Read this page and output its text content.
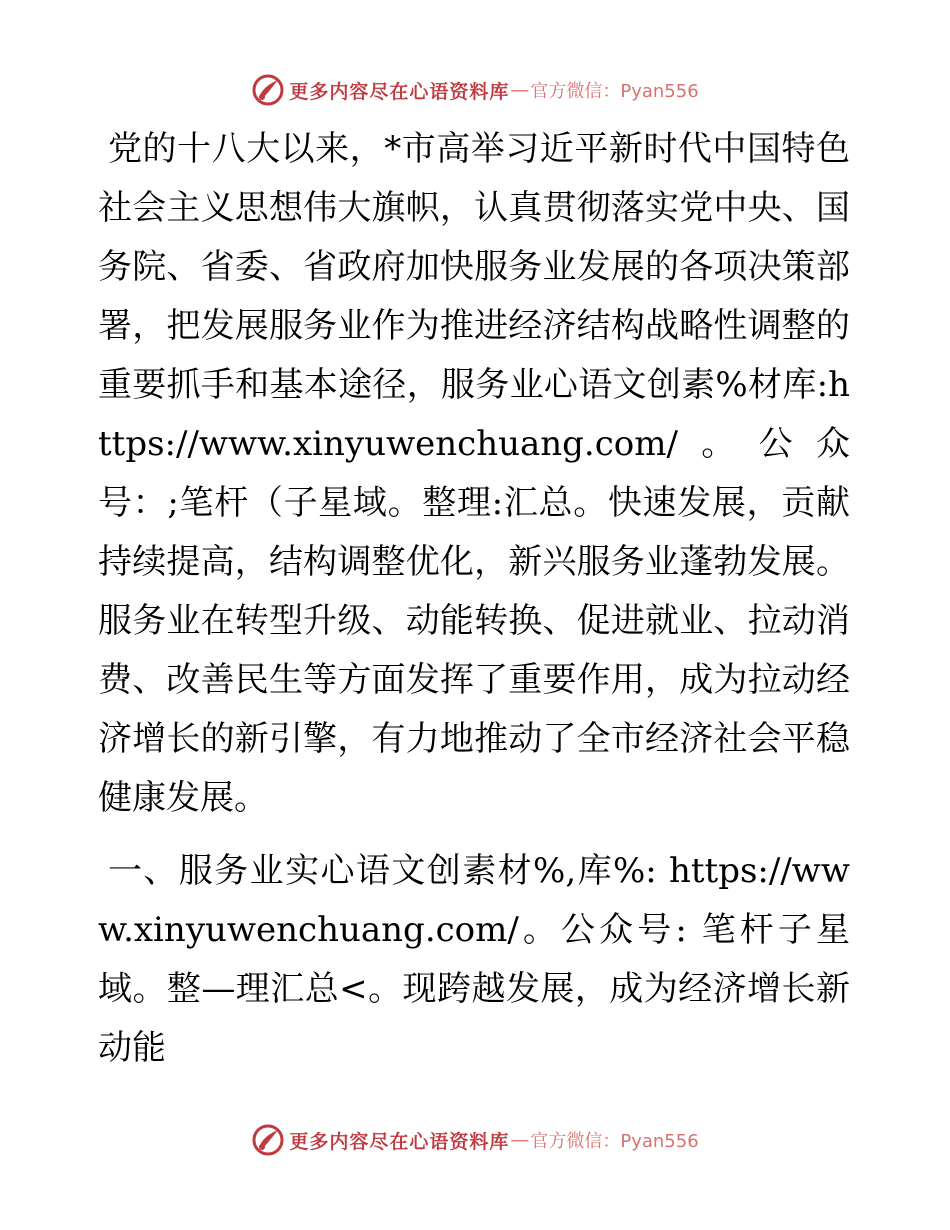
更多内容尽在心语资料库 — 官方微信：Pyan556

党的十八大以来，*市高举习近平新时代中国特色社会主义思想伟大旗帜，认真贯彻落实党中央、国务院、省委、省政府加快服务业发展的各项决策部署，把发展服务业作为推进经济结构战略性调整的重要抓手和基本途径，服务业心语文创素%材库:https://www.xinyuwenchuang.com/。公众号：;笔杆（子星域。整理:汇总。快速发展，贡献持续提高，结构调整优化，新兴服务业蓬勃发展。服务业在转型升级、动能转换、促进就业、拉动消费、改善民生等方面发挥了重要作用，成为拉动经济增长的新引擎，有力地推动了全市经济社会平稳健康发展。

一、服务业实心语文创素材%,库%: https://www.xinyuwenchuang.com/。公众号: 笔杆子星域。整—理汇总<。现跨越发展，成为经济增长新动能

更多内容尽在心语资料库 — 官方微信：Pyan556
